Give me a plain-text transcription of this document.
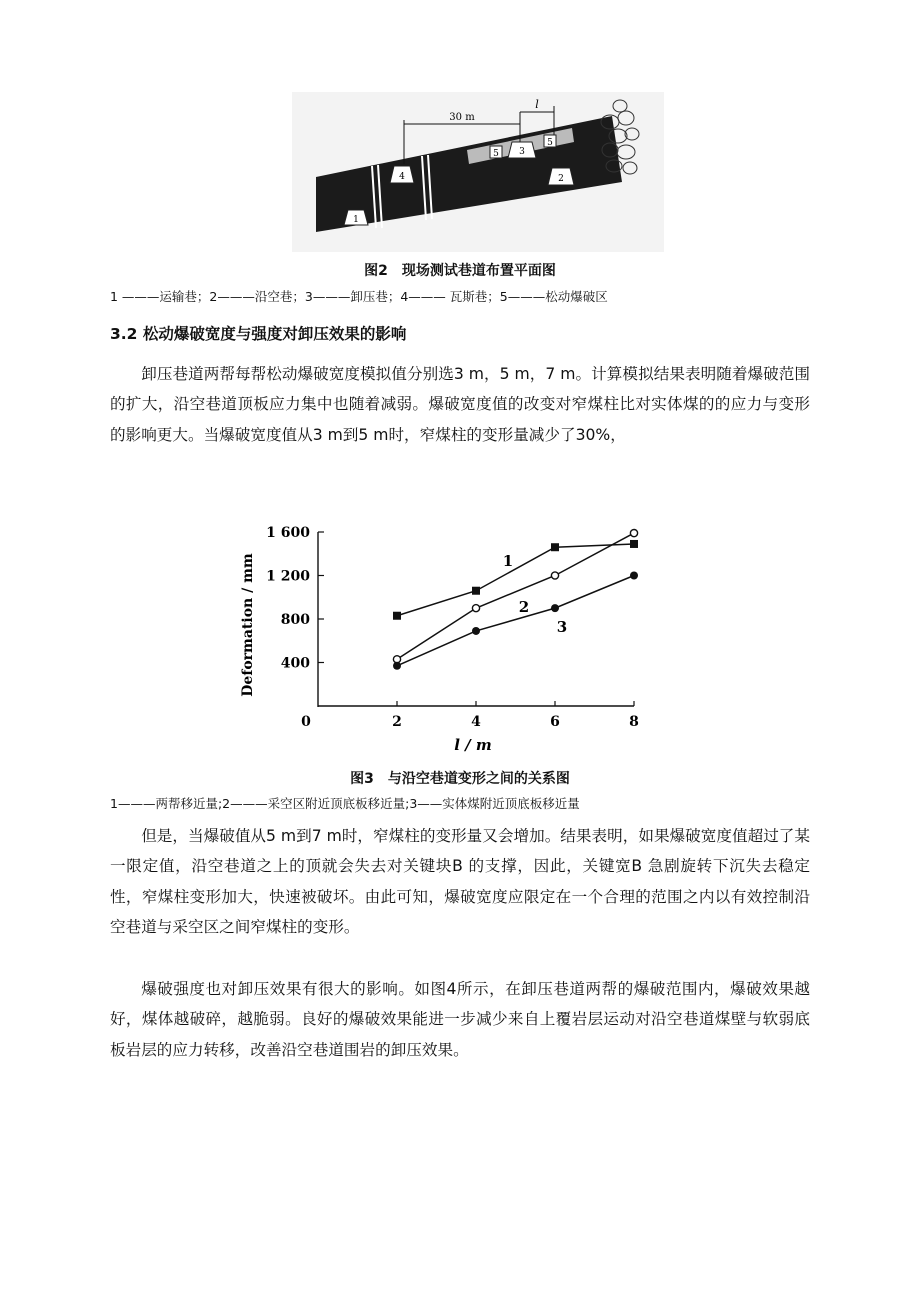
30 m
l
1
4	2
3
5
5
图2　现场测试巷道布置平面图
1 ———运输巷；2———沿空巷；3———卸压巷；4——— 瓦斯巷；5———松动爆破区
3.2 松动爆破宽度与强度对卸压效果的影响

卸压巷道两帮每帮松动爆破宽度模拟值分别选3 m，5 m，7 m。计算模拟结果表明随着爆破范围的扩大，沿空巷道顶板应力集中也随着减弱。爆破宽度值的改变对窄煤柱比对实体煤的的应力与变形的影响更大。当爆破宽度值从3 m到5 m时，窄煤柱的变形量减少了30%，

400
800
1 200
1 600
2	4	6	8
0
1
2
3
Deformation / mm
l / m
图3　与沿空巷道变形之间的关系图
1———两帮移近量;2———采空区附近顶底板移近量;3——实体煤附近顶底板移近量

但是，当爆破值从5 m到7 m时，窄煤柱的变形量又会增加。结果表明，如果爆破宽度值超过了某一限定值，沿空巷道之上的顶就会失去对关键块B 的支撑，因此，关键宽B 急剧旋转下沉失去稳定性，窄煤柱变形加大，快速被破坏。由此可知，爆破宽度应限定在一个合理的范围之内以有效控制沿空巷道与采空区之间窄煤柱的变形。

爆破强度也对卸压效果有很大的影响。如图4所示，在卸压巷道两帮的爆破范围内，爆破效果越好，煤体越破碎，越脆弱。良好的爆破效果能进一步减少来自上覆岩层运动对沿空巷道煤壁与软弱底板岩层的应力转移，改善沿空巷道围岩的卸压效果。
